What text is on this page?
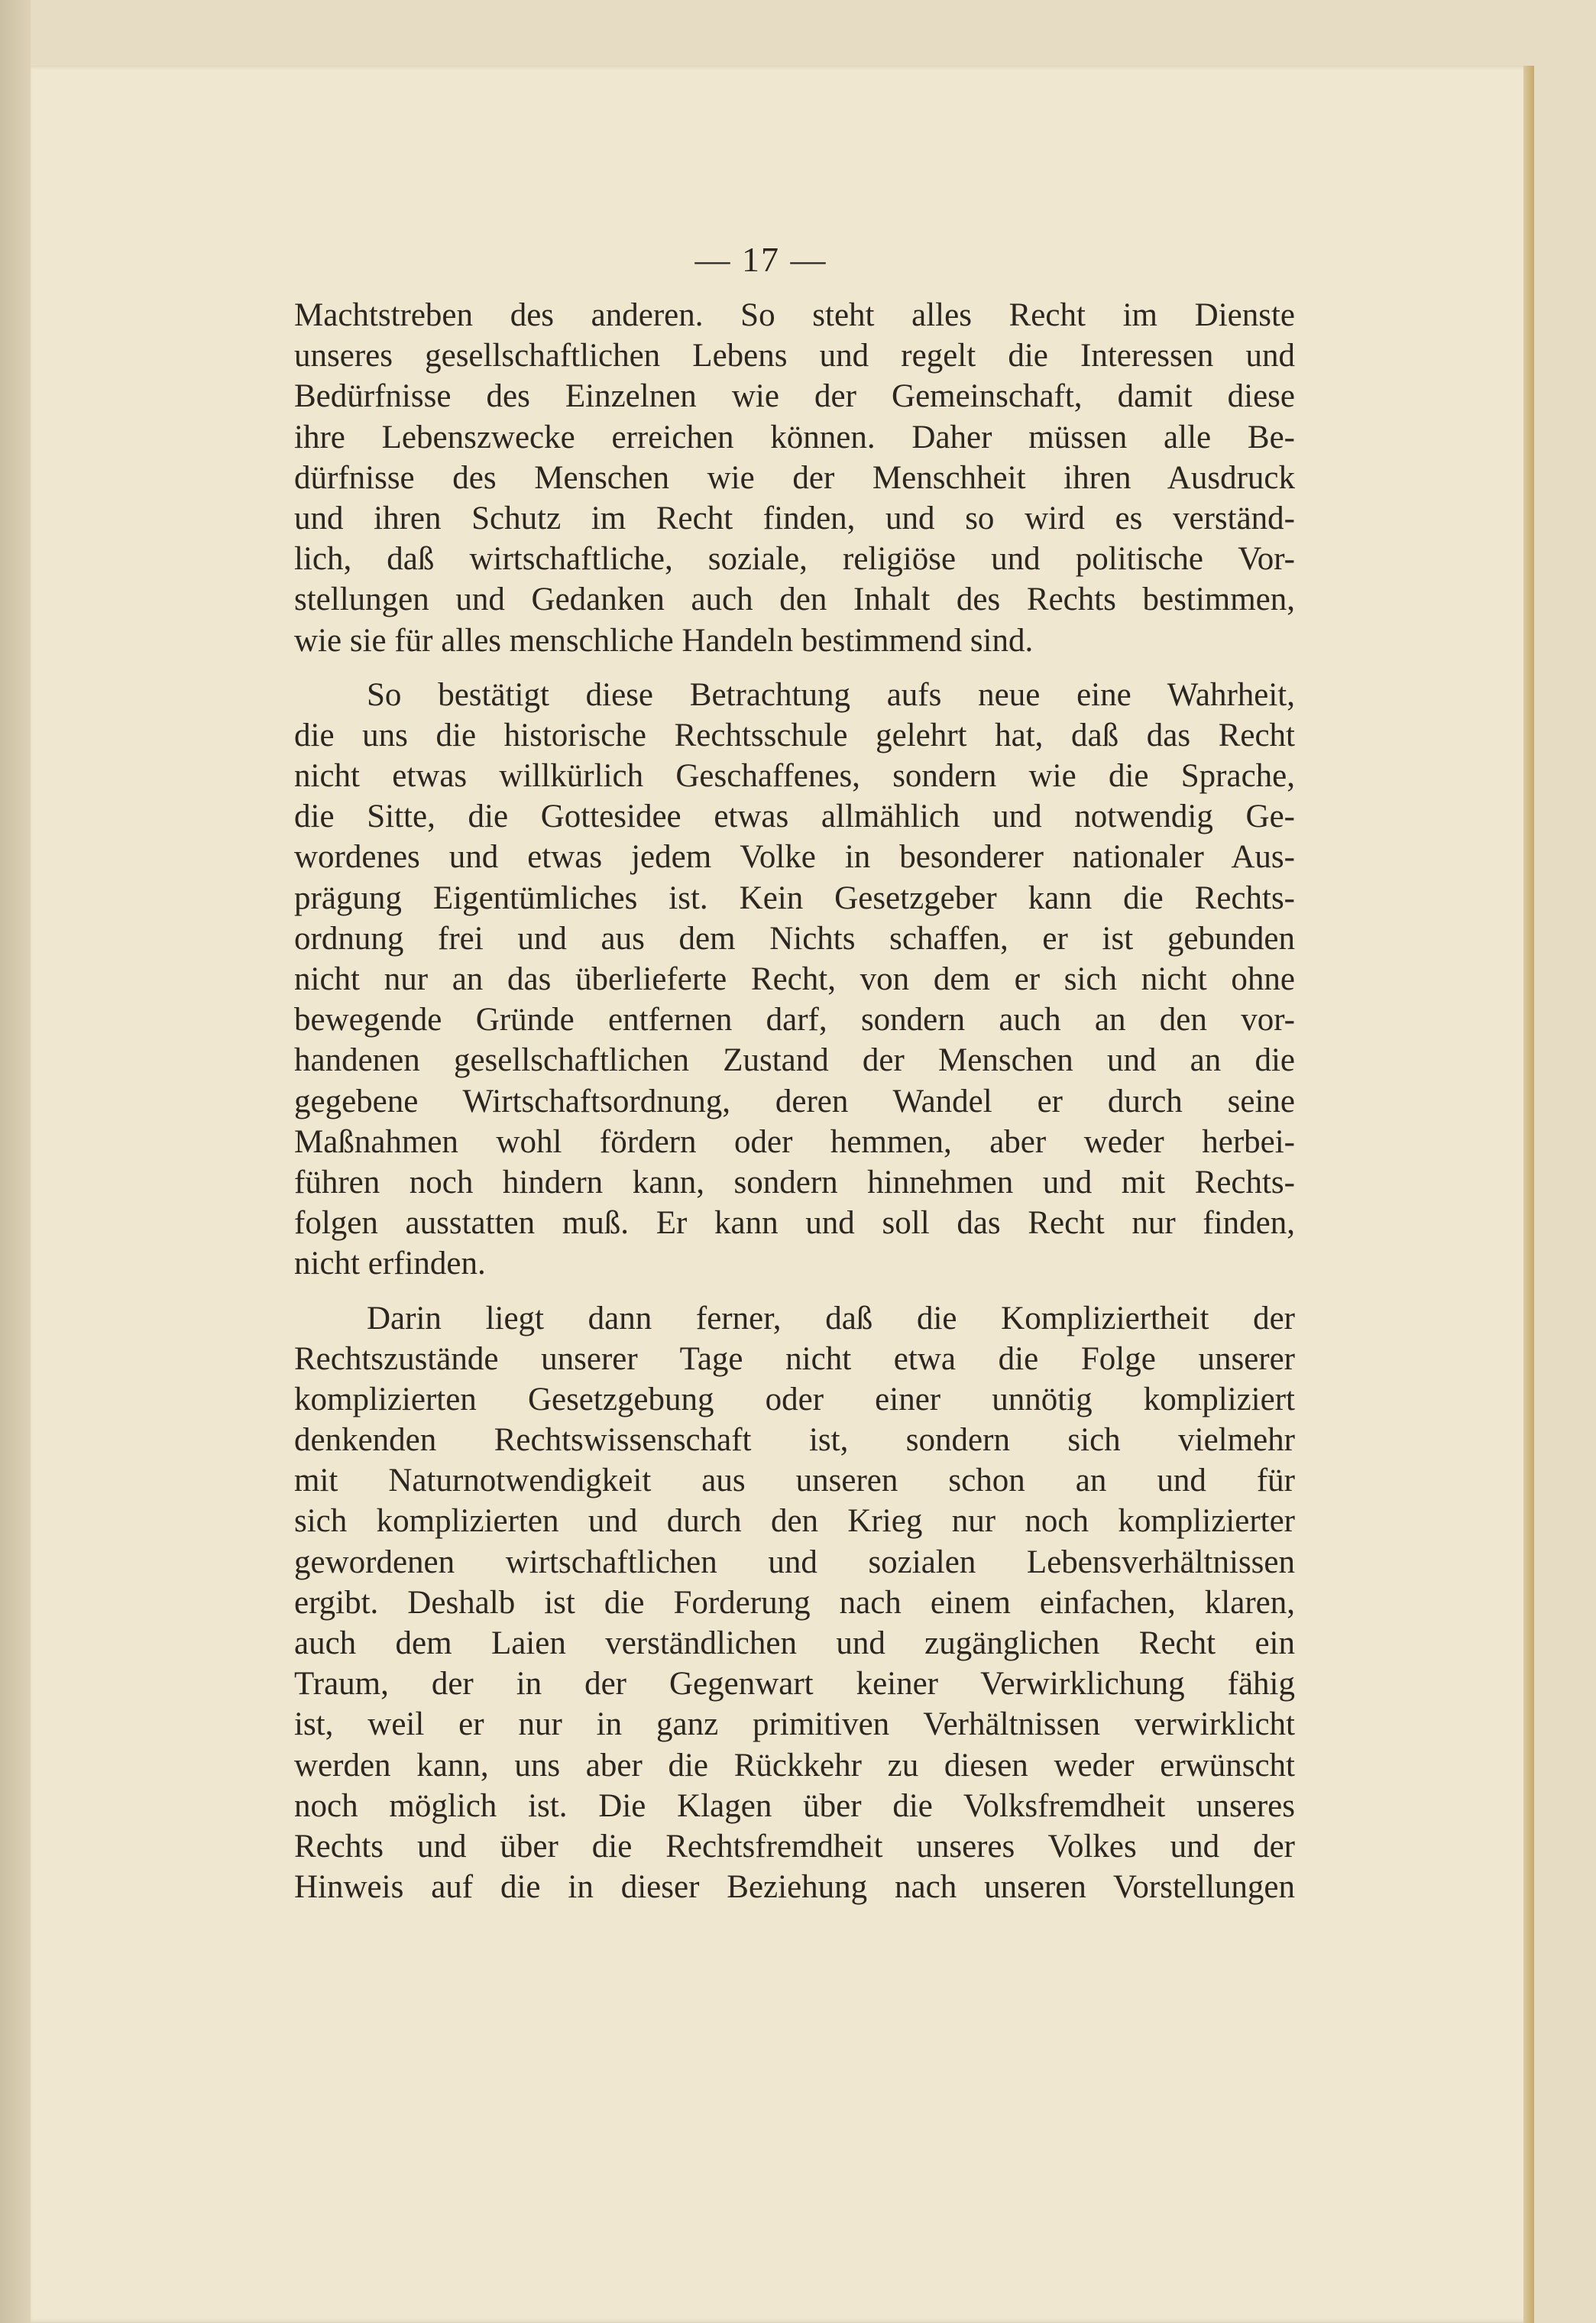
— 17 —
Machtstreben des anderen. So steht alles Recht im Dienste
unseres gesellschaftlichen Lebens und regelt die Interessen und
Bedürfnisse des Einzelnen wie der Gemeinschaft, damit diese
ihre Lebenszwecke erreichen können. Daher müssen alle Be-
dürfnisse des Menschen wie der Menschheit ihren Ausdruck
und ihren Schutz im Recht finden, und so wird es verständ-
lich, daß wirtschaftliche, soziale, religiöse und politische Vor-
stellungen und Gedanken auch den Inhalt des Rechts bestimmen,
wie sie für alles menschliche Handeln bestimmend sind.
So bestätigt diese Betrachtung aufs neue eine Wahrheit,
die uns die historische Rechtsschule gelehrt hat, daß das Recht
nicht etwas willkürlich Geschaffenes, sondern wie die Sprache,
die Sitte, die Gottesidee etwas allmählich und notwendig Ge-
wordenes und etwas jedem Volke in besonderer nationaler Aus-
prägung Eigentümliches ist. Kein Gesetzgeber kann die Rechts-
ordnung frei und aus dem Nichts schaffen, er ist gebunden
nicht nur an das überlieferte Recht, von dem er sich nicht ohne
bewegende Gründe entfernen darf, sondern auch an den vor-
handenen gesellschaftlichen Zustand der Menschen und an die
gegebene Wirtschaftsordnung, deren Wandel er durch seine
Maßnahmen wohl fördern oder hemmen, aber weder herbei-
führen noch hindern kann, sondern hinnehmen und mit Rechts-
folgen ausstatten muß. Er kann und soll das Recht nur finden,
nicht erfinden.
Darin liegt dann ferner, daß die Kompliziertheit der
Rechtszustände unserer Tage nicht etwa die Folge unserer
komplizierten Gesetzgebung oder einer unnötig kompliziert
denkenden Rechtswissenschaft ist, sondern sich vielmehr
mit Naturnotwendigkeit aus unseren schon an und für
sich komplizierten und durch den Krieg nur noch komplizierter
gewordenen wirtschaftlichen und sozialen Lebensverhältnissen
ergibt. Deshalb ist die Forderung nach einem einfachen, klaren,
auch dem Laien verständlichen und zugänglichen Recht ein
Traum, der in der Gegenwart keiner Verwirklichung fähig
ist, weil er nur in ganz primitiven Verhältnissen verwirklicht
werden kann, uns aber die Rückkehr zu diesen weder erwünscht
noch möglich ist. Die Klagen über die Volksfremdheit unseres
Rechts und über die Rechtsfremdheit unseres Volkes und der
Hinweis auf die in dieser Beziehung nach unseren Vorstellungen
